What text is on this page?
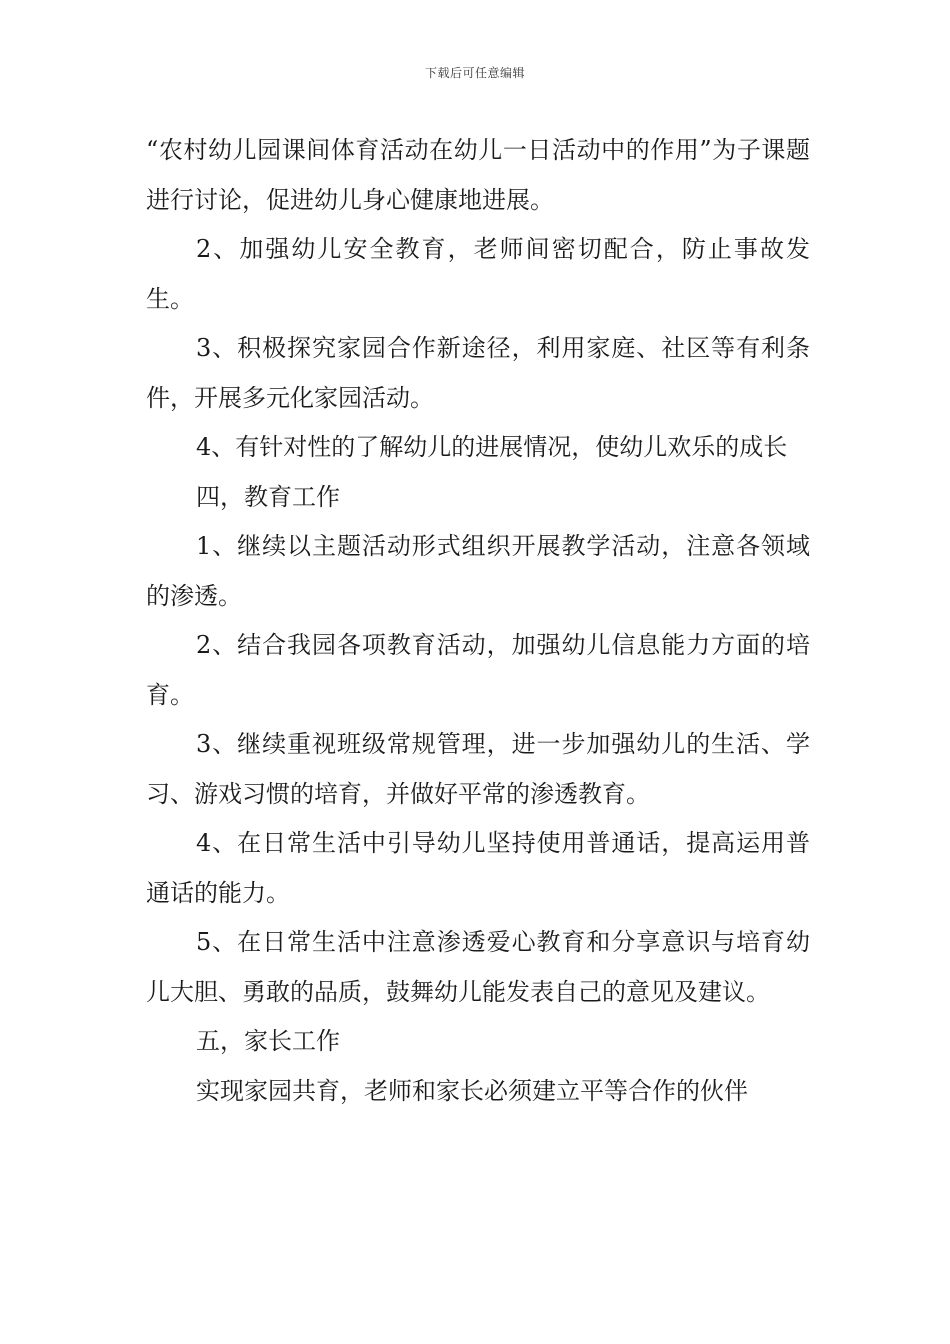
下载后可任意编辑

“农村幼儿园课间体育活动在幼儿一日活动中的作用”为子课题进行讨论，促进幼儿身心健康地进展。

2、加强幼儿安全教育，老师间密切配合，防止事故发生。

3、积极探究家园合作新途径，利用家庭、社区等有利条件，开展多元化家园活动。

4、有针对性的了解幼儿的进展情况，使幼儿欢乐的成长

四，教育工作

1、继续以主题活动形式组织开展教学活动，注意各领域的渗透。

2、结合我园各项教育活动，加强幼儿信息能力方面的培育。

3、继续重视班级常规管理，进一步加强幼儿的生活、学习、游戏习惯的培育，并做好平常的渗透教育。

4、在日常生活中引导幼儿坚持使用普通话，提高运用普通话的能力。

5、在日常生活中注意渗透爱心教育和分享意识与培育幼儿大胆、勇敢的品质，鼓舞幼儿能发表自己的意见及建议。

五，家长工作

实现家园共育，老师和家长必须建立平等合作的伙伴
